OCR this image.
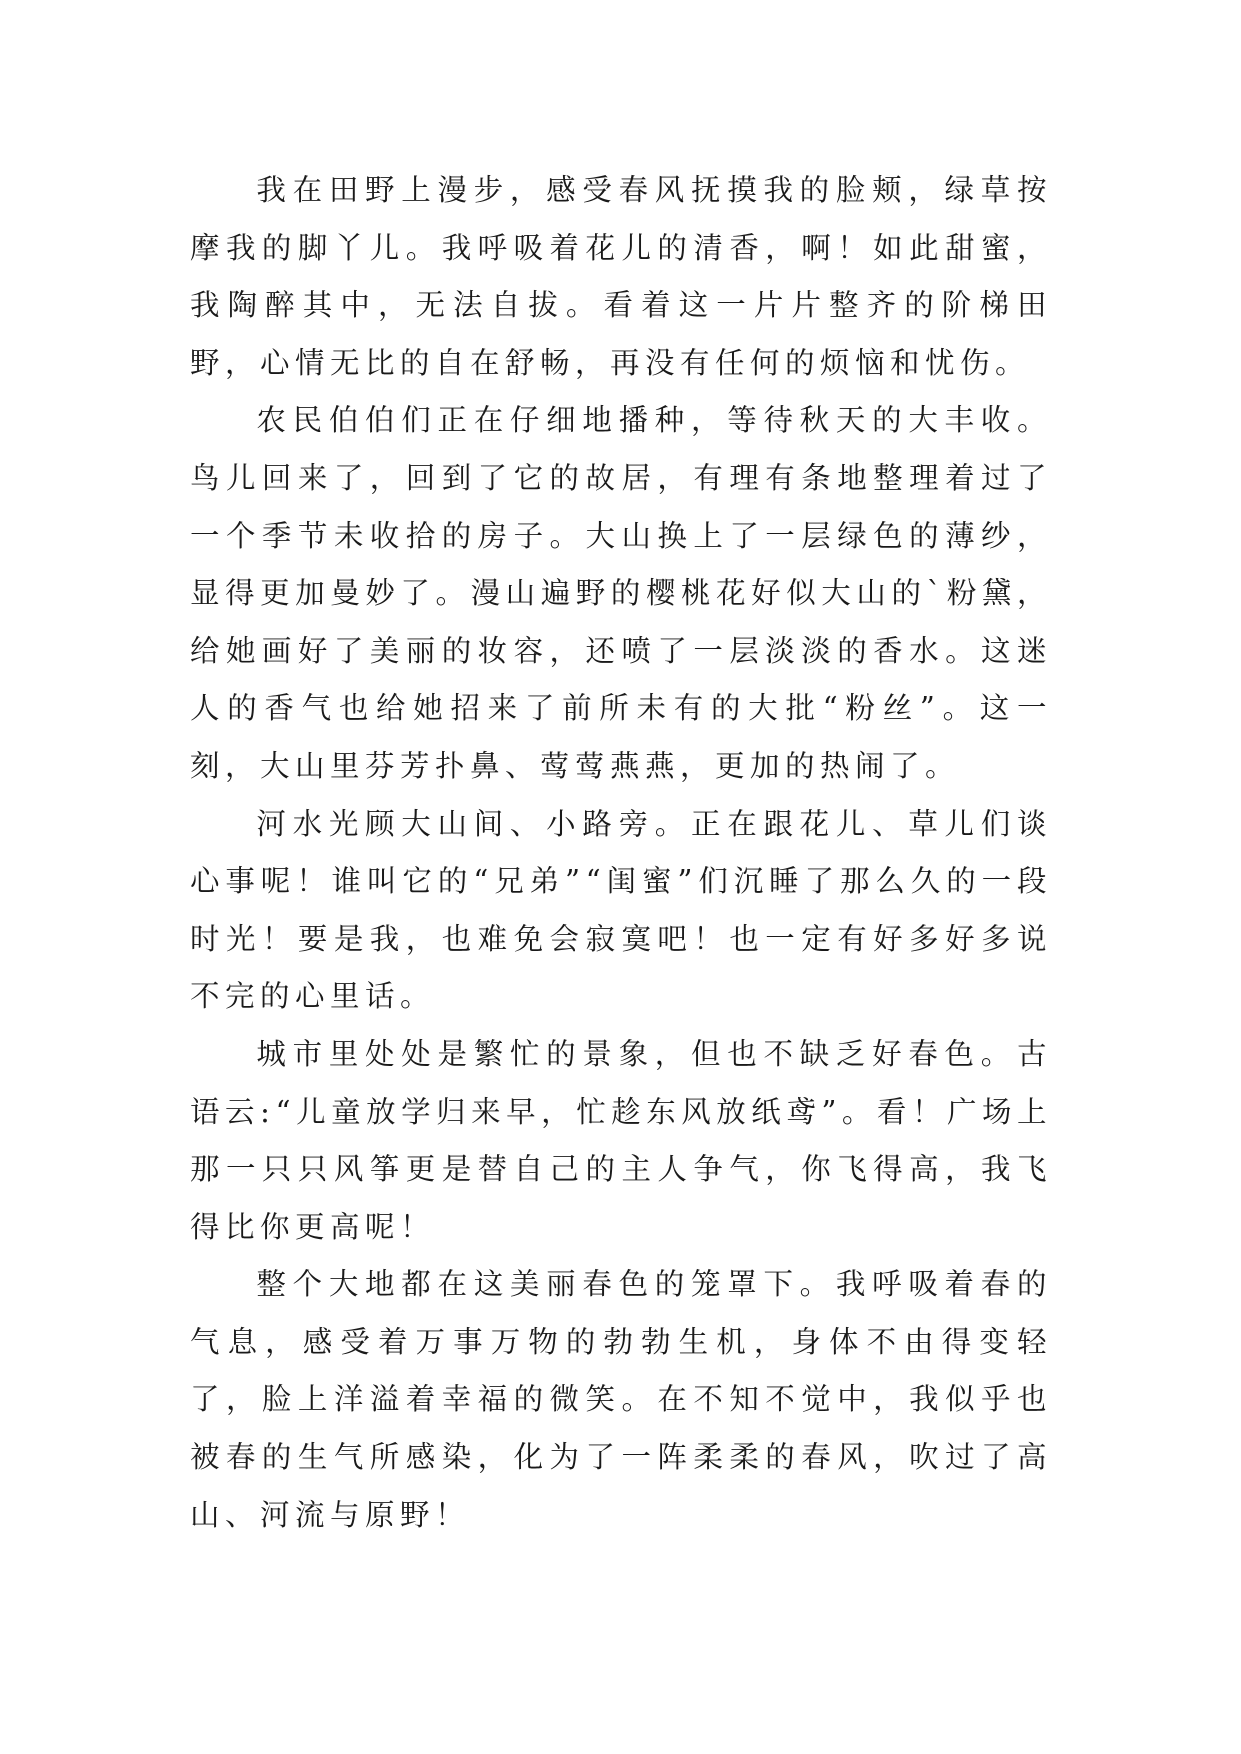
我在田野上漫步，感受春风抚摸我的脸颊，绿草按摩我的脚丫儿。我呼吸着花儿的清香，啊！如此甜蜜，我陶醉其中，无法自拔。看着这一片片整齐的阶梯田野，心情无比的自在舒畅，再没有任何的烦恼和忧伤。

农民伯伯们正在仔细地播种，等待秋天的大丰收。鸟儿回来了，回到了它的故居，有理有条地整理着过了一个季节未收拾的房子。大山换上了一层绿色的薄纱，显得更加曼妙了。漫山遍野的樱桃花好似大山的`粉黛，给她画好了美丽的妆容，还喷了一层淡淡的香水。这迷人的香气也给她招来了前所未有的大批“粉丝”。这一刻，大山里芬芳扑鼻、莺莺燕燕，更加的热闹了。

河水光顾大山间、小路旁。正在跟花儿、草儿们谈心事呢！谁叫它的“兄弟”“闺蜜”们沉睡了那么久的一段时光！要是我，也难免会寂寞吧！也一定有好多好多说不完的心里话。

城市里处处是繁忙的景象，但也不缺乏好春色。古语云:“儿童放学归来早，忙趁东风放纸鸢”。看！广场上那一只只风筝更是替自己的主人争气，你飞得高，我飞得比你更高呢！

整个大地都在这美丽春色的笼罩下。我呼吸着春的气息，感受着万事万物的勃勃生机，身体不由得变轻了，脸上洋溢着幸福的微笑。在不知不觉中，我似乎也被春的生气所感染，化为了一阵柔柔的春风，吹过了高山、河流与原野！
